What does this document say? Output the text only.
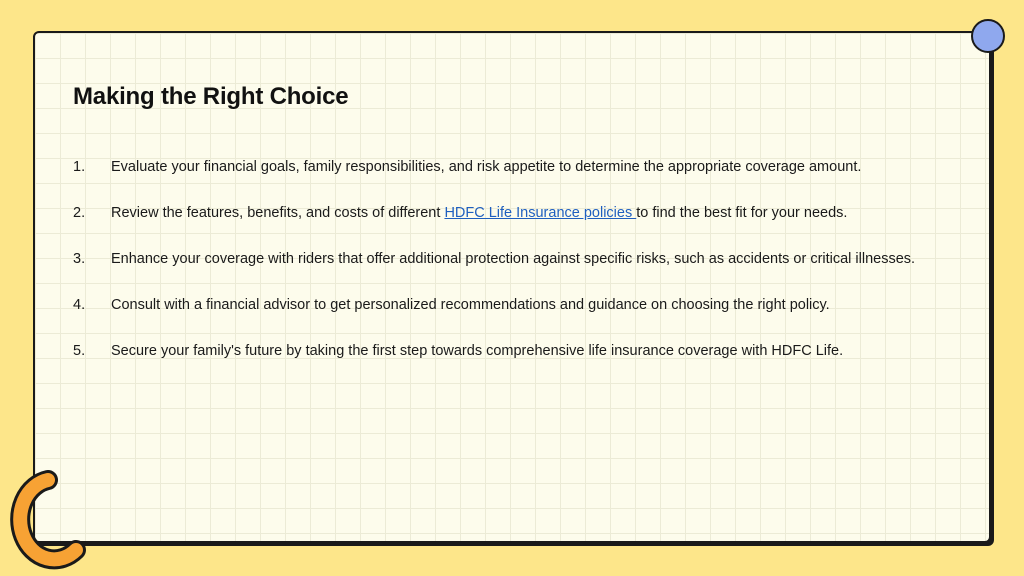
Making the Right Choice
1.	Evaluate your financial goals, family responsibilities, and risk appetite to determine the appropriate coverage amount.
2.	Review the features, benefits, and costs of different HDFC Life Insurance policies to find the best fit for your needs.
3.	Enhance your coverage with riders that offer additional protection against specific risks, such as accidents or critical illnesses.
4.	Consult with a financial advisor to get personalized recommendations and guidance on choosing the right policy.
5.	Secure your family's future by taking the first step towards comprehensive life insurance coverage with HDFC Life.
